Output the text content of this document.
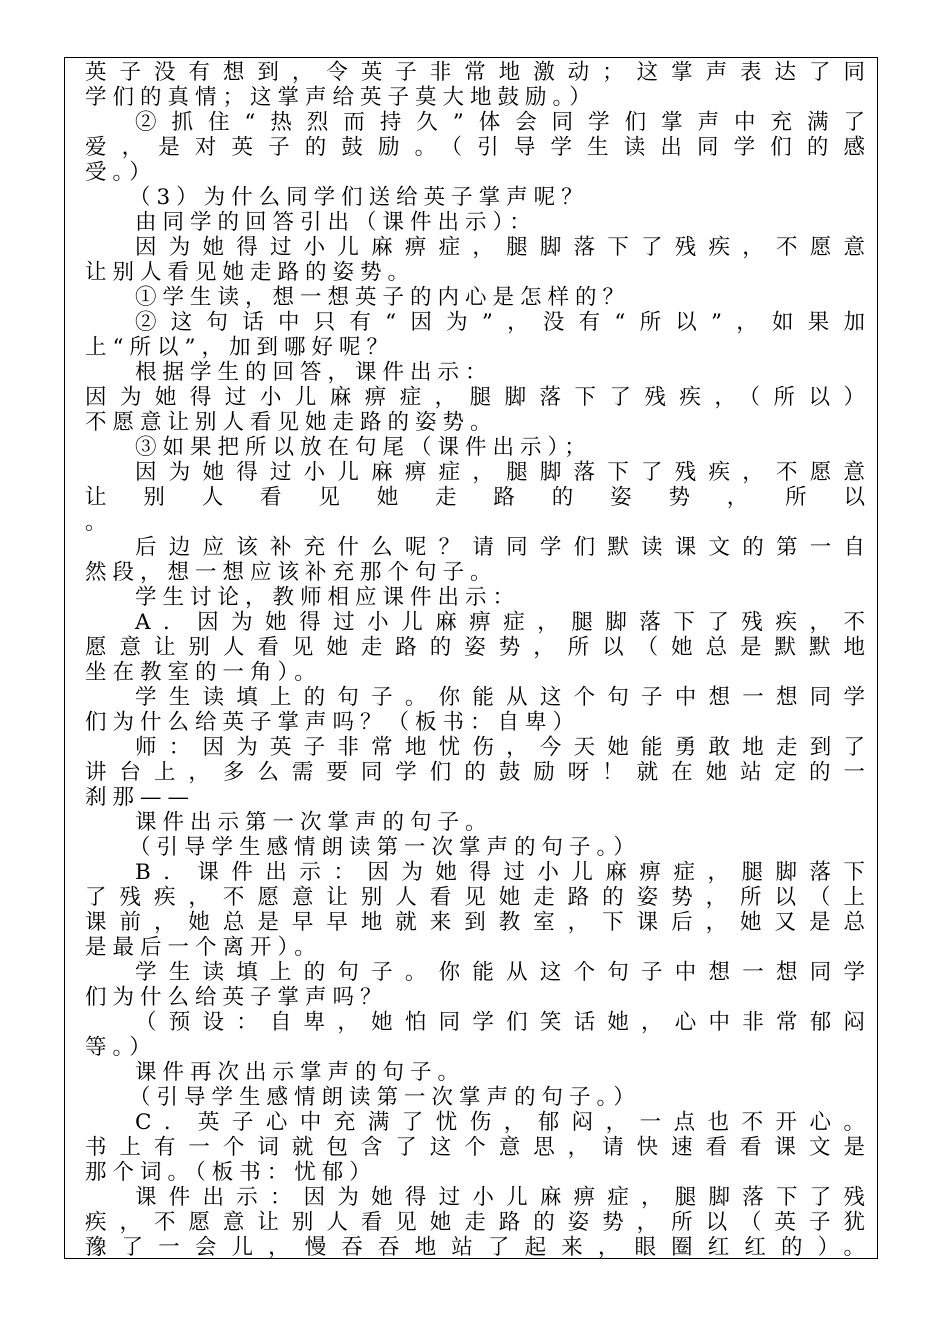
英子没有想到，令英子非常地激动；这掌声表达了同
学们的真情；这掌声给英子莫大地鼓励。）
②抓住“热烈而持久”体会同学们掌声中充满了
爱，是对英子的鼓励。（引导学生读出同学们的感
受。）
（3）为什么同学们送给英子掌声呢？
由同学的回答引出（课件出示）：
因为她得过小儿麻痹症，腿脚落下了残疾，不愿意
让别人看见她走路的姿势。
①学生读，想一想英子的内心是怎样的？
②这句话中只有“因为”，没有“所以”，如果加
上“所以”，加到哪好呢？
根据学生的回答，课件出示：
因为她得过小儿麻痹症，腿脚落下了残疾，（所以）
不愿意让别人看见她走路的姿势。
③如果把所以放在句尾（课件出示）；
因为她得过小儿麻痹症，腿脚落下了残疾，不愿意
让别人看见她走路的姿势，所以
。
后边应该补充什么呢？请同学们默读课文的第一自
然段，想一想应该补充那个句子。
学生讨论，教师相应课件出示：
A．因为她得过小儿麻痹症，腿脚落下了残疾，不
愿意让别人看见她走路的姿势，所以（她总是默默地
坐在教室的一角）。
学生读填上的句子。你能从这个句子中想一想同学
们为什么给英子掌声吗？（板书：自卑）
师：因为英子非常地忧伤，今天她能勇敢地走到了
讲台上，多么需要同学们的鼓励呀！就在她站定的一
刹那——
课件出示第一次掌声的句子。
（引导学生感情朗读第一次掌声的句子。）
B．课件出示：因为她得过小儿麻痹症，腿脚落下
了残疾，不愿意让别人看见她走路的姿势，所以（上
课前，她总是早早地就来到教室，下课后，她又是总
是最后一个离开）。
学生读填上的句子。你能从这个句子中想一想同学
们为什么给英子掌声吗？
（预设：自卑，她怕同学们笑话她，心中非常郁闷
等。）
课件再次出示掌声的句子。
（引导学生感情朗读第一次掌声的句子。）
C．英子心中充满了忧伤，郁闷，一点也不开心。
书上有一个词就包含了这个意思，请快速看看课文是
那个词。（板书：忧郁）
课件出示：因为她得过小儿麻痹症，腿脚落下了残
疾，不愿意让别人看见她走路的姿势，所以（英子犹
豫了一会儿，慢吞吞地站了起来，眼圈红红的）。
